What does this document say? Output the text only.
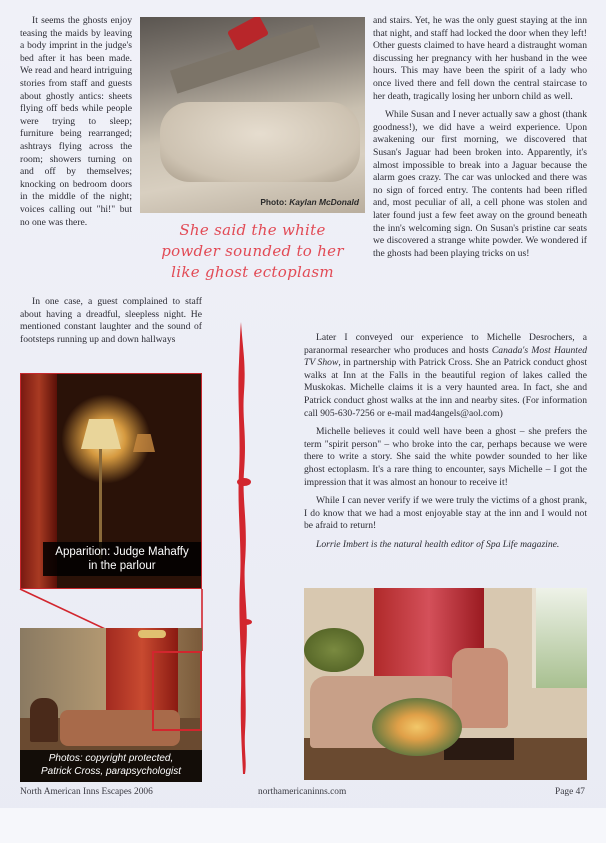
It seems the ghosts enjoy teasing the maids by leaving a body imprint in the judge's bed after it has been made. We read and heard intriguing stories from staff and guests about ghostly antics: sheets flying off beds while people were trying to sleep; furniture being rearranged; ashtrays flying across the room; showers turning on and off by themselves; knocking on bedroom doors in the middle of the night; voices calling out "hi!" but no one was there.

In one case, a guest complained to staff about having a dreadful, sleepless night. He mentioned constant laughter and the sound of footsteps running up and down hallways

Photo: Kaylan McDonald
She said the white
powder sounded to her
like ghost ectoplasm

and stairs. Yet, he was the only guest staying at the inn that night, and staff had locked the door when they left! Other guests claimed to have heard a distraught woman discussing her pregnancy with her husband in the wee hours. This may have been the spirit of a lady who once lived there and fell down the central staircase to her death, tragically losing her unborn child as well.

While Susan and I never actually saw a ghost (thank goodness!), we did have a weird experience. Upon awakening our first morning, we discovered that Susan's Jaguar had been broken into. Apparently, it's almost impossible to break into a Jaguar because the alarm goes crazy. The car was unlocked and there was no sign of forced entry. The contents had been rifled and, most peculiar of all, a cell phone was stolen and later found just a few feet away on the ground beneath the inn's welcoming sign. On Susan's pristine car seats we discovered a strange white powder. We wondered if the ghosts had been playing tricks on us!

Later I conveyed our experience to Michelle Desrochers, a paranormal researcher who produces and hosts Canada's Most Haunted TV Show, in partnership with Patrick Cross. She an Patrick conduct ghost walks at Inn at the Falls in the beautiful region of lakes called the Muskokas. Michelle claims it is a very haunted area. In fact, she and Patrick conduct ghost walks at the inn and nearby sites. (For information call 905-630-7256 or e-mail mad4angels@aol.com)

Michelle believes it could well have been a ghost – she prefers the term "spirit person" – who broke into the car, perhaps because we were there to write a story. She said the white powder sounded to her like ghost ectoplasm. It's a rare thing to encounter, says Michelle – I got the impression that it was almost an honour to receive it!

While I can never verify if we were truly the victims of a ghost prank, I do know that we had a most enjoyable stay at the inn and I would not be afraid to return!

Lorrie Imbert is the natural health editor of Spa Life magazine.

Apparition: Judge Mahaffy
in the parlour
Photos: copyright protected,
Patrick Cross, parapsychologist
North American Inns Escapes 2006	northamericaninns.com	Page 47
